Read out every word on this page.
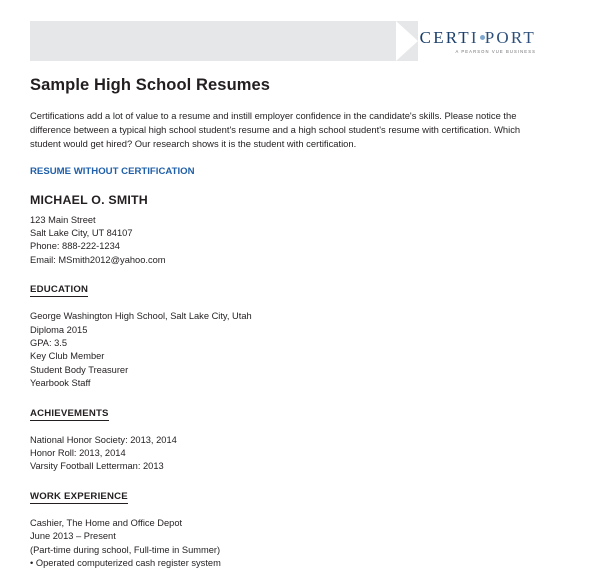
CERTI PORT
A PEARSON VUE BUSINESS
Sample High School Resumes

Certifications add a lot of value to a resume and instill employer confidence in the candidate's skills. Please notice the difference between a typical high school student's resume and a high school student's resume with certification. Which student would get hired? Our research shows it is the student with certification.

RESUME WITHOUT CERTIFICATION
MICHAEL O. SMITH
123 Main Street
Salt Lake City, UT 84107
Phone: 888-222-1234
Email: MSmith2012@yahoo.com
EDUCATION
George Washington High School, Salt Lake City, Utah
Diploma 2015
GPA: 3.5
Key Club Member
Student Body Treasurer
Yearbook Staff
ACHIEVEMENTS
National Honor Society: 2013, 2014
Honor Roll: 2013, 2014
Varsity Football Letterman: 2013
WORK EXPERIENCE
Cashier, The Home and Office Depot
June 2013 – Present
(Part-time during school, Full-time in Summer)
• Operated computerized cash register system
